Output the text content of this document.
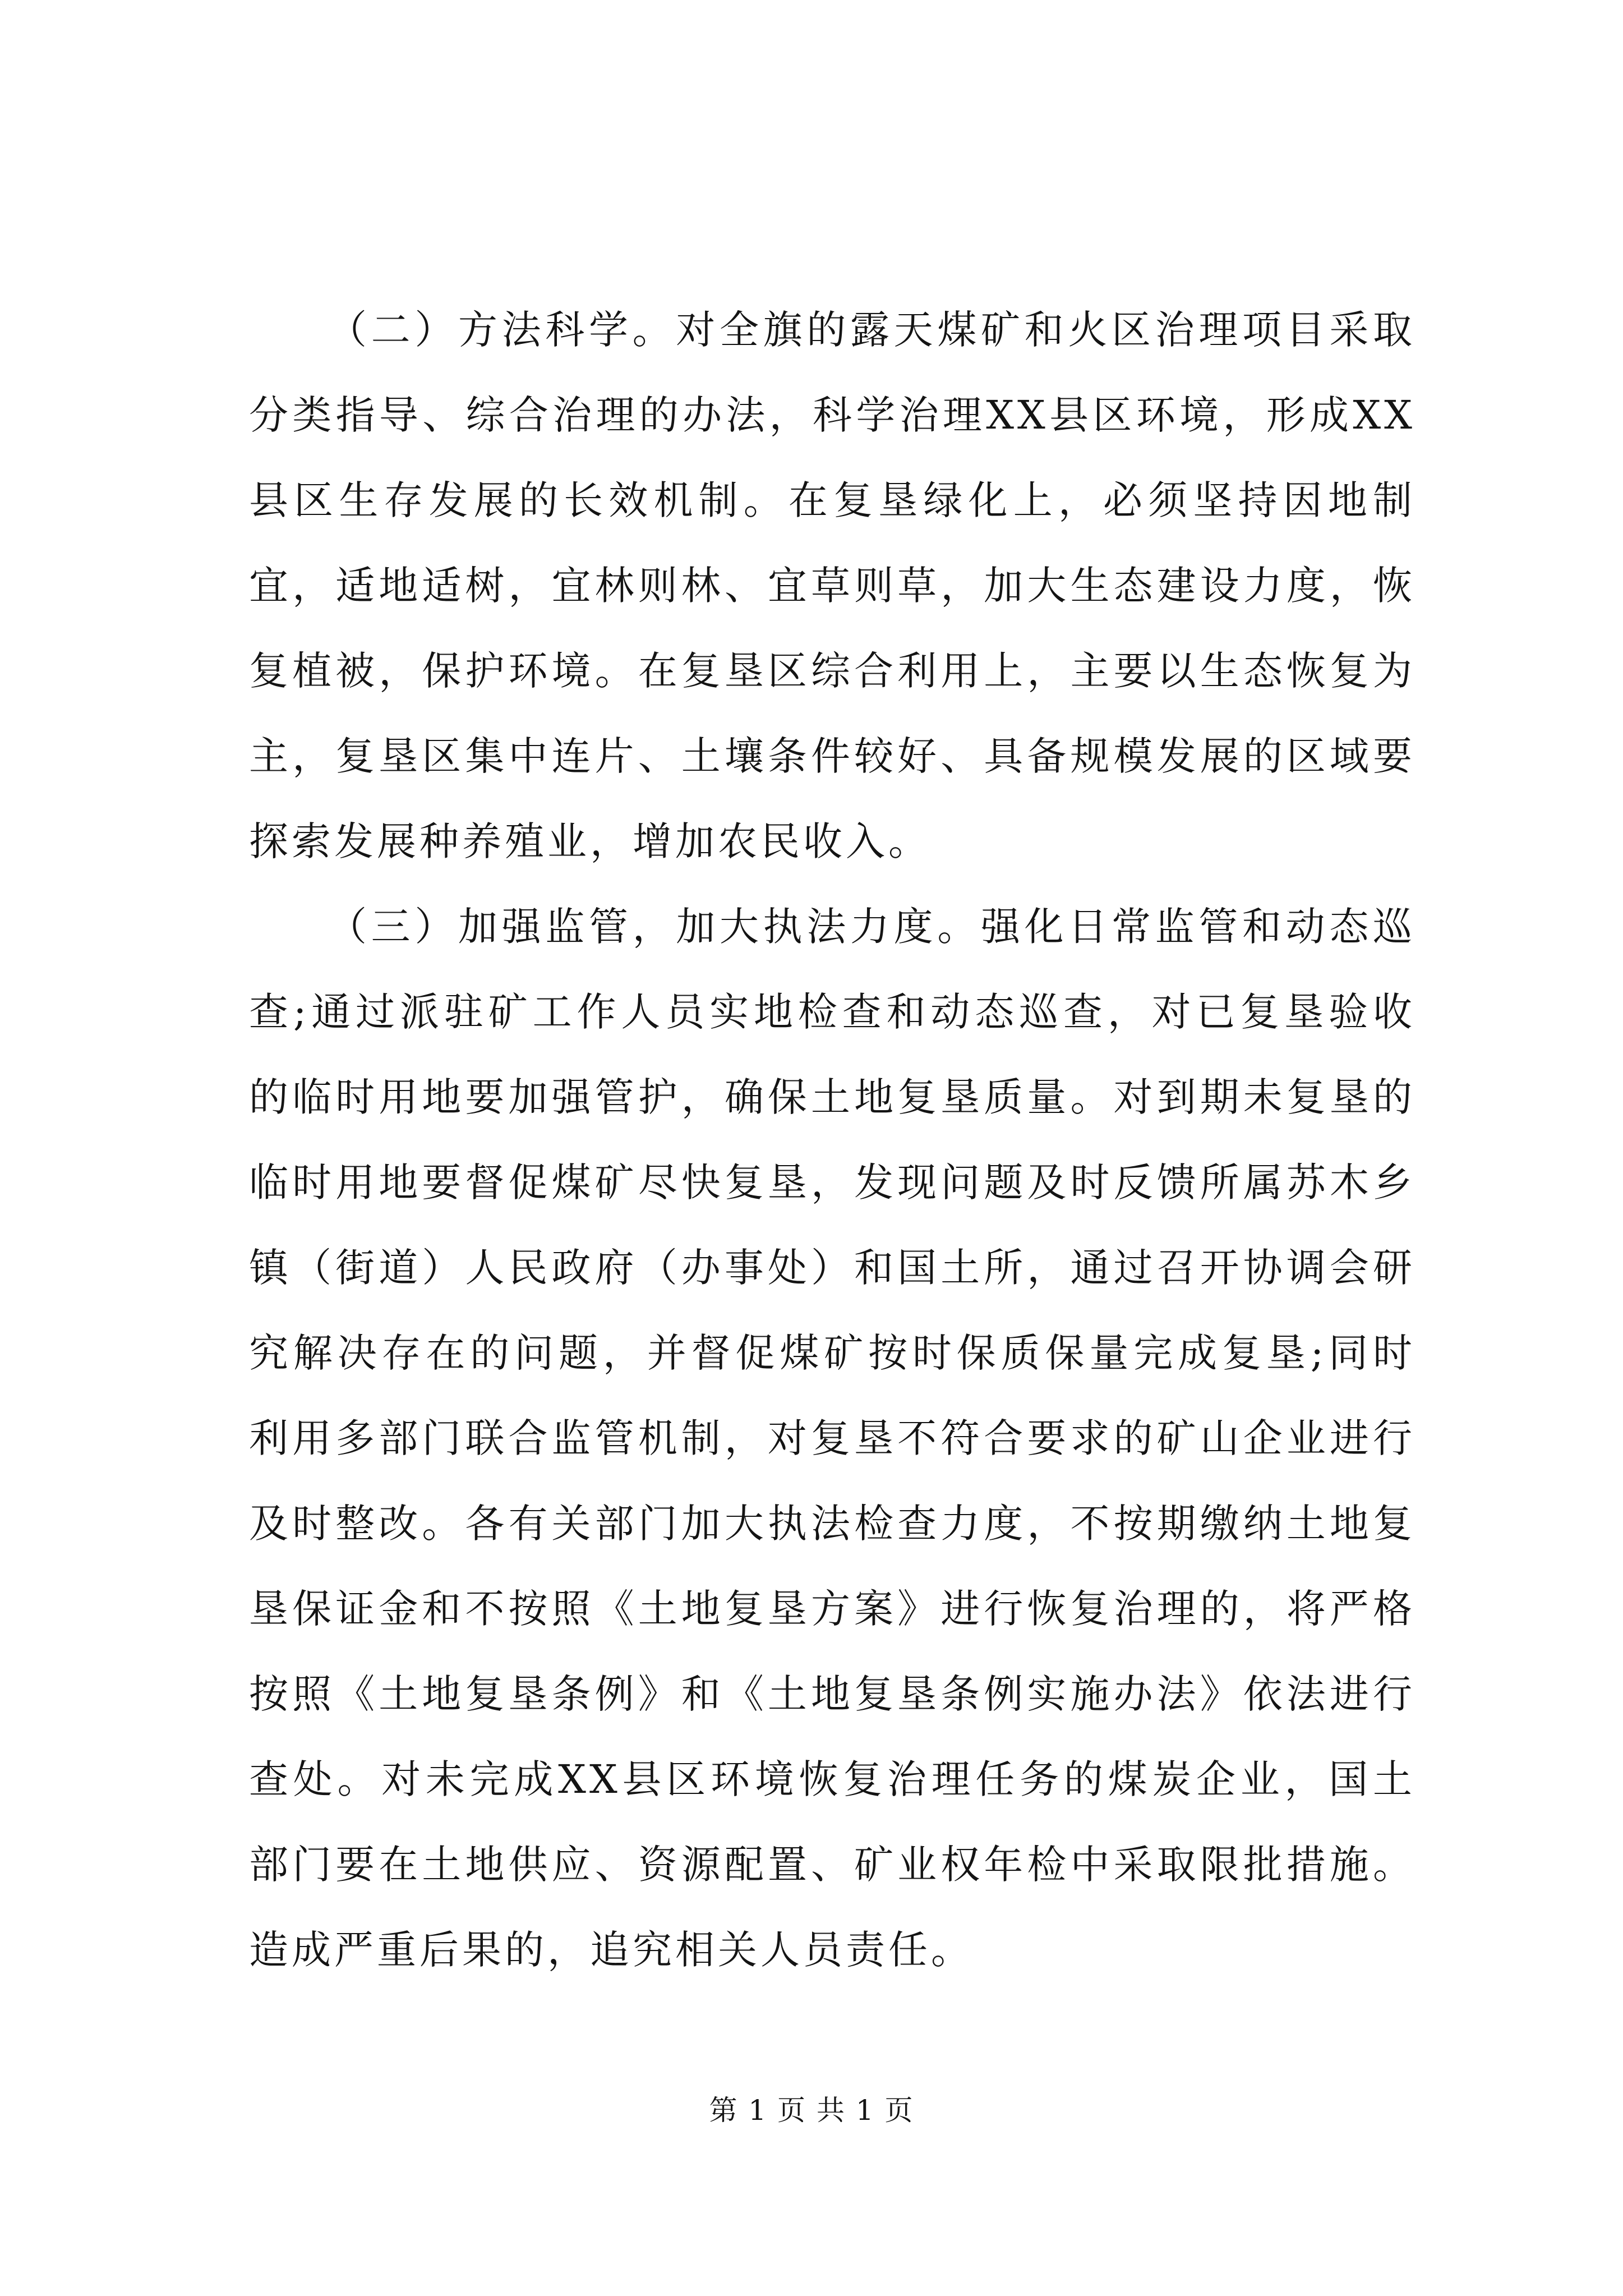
（二）方法科学。对全旗的露天煤矿和火区治理项目采取分类指导、综合治理的办法，科学治理XX县区环境，形成XX县区生存发展的长效机制。在复垦绿化上，必须坚持因地制宜，适地适树，宜林则林、宜草则草，加大生态建设力度，恢复植被，保护环境。在复垦区综合利用上，主要以生态恢复为主，复垦区集中连片、土壤条件较好、具备规模发展的区域要探索发展种养殖业，增加农民收入。

（三）加强监管，加大执法力度。强化日常监管和动态巡查;通过派驻矿工作人员实地检查和动态巡查，对已复垦验收的临时用地要加强管护，确保土地复垦质量。对到期未复垦的临时用地要督促煤矿尽快复垦，发现问题及时反馈所属苏木乡镇（街道）人民政府（办事处）和国土所，通过召开协调会研究解决存在的问题，并督促煤矿按时保质保量完成复垦;同时利用多部门联合监管机制，对复垦不符合要求的矿山企业进行及时整改。各有关部门加大执法检查力度，不按期缴纳土地复垦保证金和不按照《土地复垦方案》进行恢复治理的，将严格按照《土地复垦条例》和《土地复垦条例实施办法》依法进行查处。对未完成XX县区环境恢复治理任务的煤炭企业，国土部门要在土地供应、资源配置、矿业权年检中采取限批措施。造成严重后果的，追究相关人员责任。

第 1 页 共 1 页
